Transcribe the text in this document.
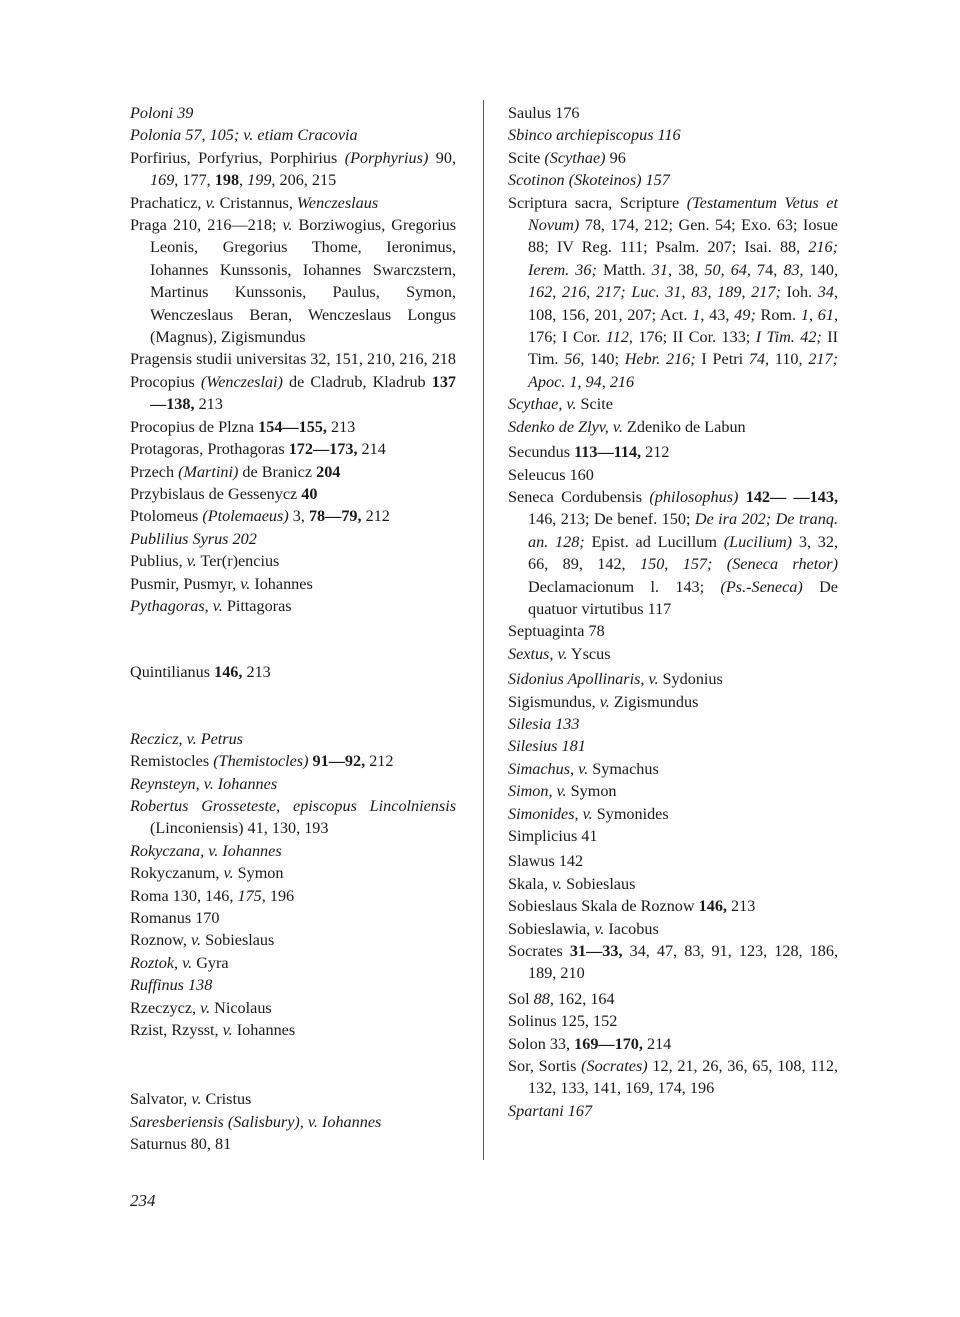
Poloni 39
Polonia 57, 105; v. etiam Cracovia
Porfirius, Porfyrius, Porphirius (Porphyrius) 90, 169, 177, 198, 199, 206, 215
Prachaticz, v. Cristannus, Wenczeslaus
Praga 210, 216—218; v. Borziwogius, Gregorius Leonis, Gregorius Thome, Ieronimus, Iohannes Kunssonis, Iohannes Swarczstern, Martinus Kunssonis, Paulus, Symon, Wenczeslaus Beran, Wenczeslaus Longus (Magnus), Zigismundus
Pragensis studii universitas 32, 151, 210, 216, 218
Procopius (Wenczeslai) de Cladrub, Kladrub 137—138, 213
Procopius de Plzna 154—155, 213
Protagoras, Prothagoras 172—173, 214
Przech (Martini) de Branicz 204
Przybislaus de Gessenycz 40
Ptolomeus (Ptolemaeus) 3, 78—79, 212
Publilius Syrus 202
Publius, v. Ter(r)encius
Pusmir, Pusmyr, v. Iohannes
Pythagoras, v. Pittagoras
Quintilianus 146, 213
Reczicz, v. Petrus
Remistocles (Themistocles) 91—92, 212
Reynsteyn, v. Iohannes
Robertus Grosseteste, episcopus Lincolniensis (Linconiensis) 41, 130, 193
Rokyczana, v. Iohannes
Rokyczanum, v. Symon
Roma 130, 146, 175, 196
Romanus 170
Roznow, v. Sobieslaus
Roztok, v. Gyra
Ruffinus 138
Rzeczycz, v. Nicolaus
Rzist, Rzysst, v. Iohannes
Salvator, v. Cristus
Saresberiensis (Salisbury), v. Iohannes
Saturnus 80, 81
Saulus 176
Sbinco archiepiscopus 116
Scite (Scythae) 96
Scotinon (Skoteinos) 157
Scriptura sacra, Scripture (Testamentum Vetus et Novum) 78, 174, 212; Gen. 54; Exo. 63; Iosue 88; IV Reg. 111; Psalm. 207; Isai. 88, 216; Ierem. 36; Matth. 31, 38, 50, 64, 74, 83, 140, 162, 216, 217; Luc. 31, 83, 189, 217; Ioh. 34, 108, 156, 201, 207; Act. 1, 43, 49; Rom. 1, 61, 176; I Cor. 112, 176; II Cor. 133; I Tim. 42; II Tim. 56, 140; Hebr. 216; I Petri 74, 110, 217; Apoc. 1, 94, 216
Scythae, v. Scite
Sdenko de Zlyv, v. Zdeniko de Labun
Secundus 113—114, 212
Seleucus 160
Seneca Cordubensis (philosophus) 142— —143, 146, 213; De benef. 150; De ira 202; De tranq. an. 128; Epist. ad Lucillum (Lucilium) 3, 32, 66, 89, 142, 150, 157; (Seneca rhetor) Declamacionum l. 143; (Ps.-Seneca) De quatuor virtutibus 117
Septuaginta 78
Sextus, v. Yscus
Sidonius Apollinaris, v. Sydonius
Sigismundus, v. Zigismundus
Silesia 133
Silesius 181
Simachus, v. Symachus
Simon, v. Symon
Simonides, v. Symonides
Simplicius 41
Slawus 142
Skala, v. Sobieslaus
Sobieslaus Skala de Roznow 146, 213
Sobieslawia, v. Iacobus
Socrates 31—33, 34, 47, 83, 91, 123, 128, 186, 189, 210
Sol 88, 162, 164
Solinus 125, 152
Solon 33, 169—170, 214
Sor, Sortis (Socrates) 12, 21, 26, 36, 65, 108, 112, 132, 133, 141, 169, 174, 196
Spartani 167
234
